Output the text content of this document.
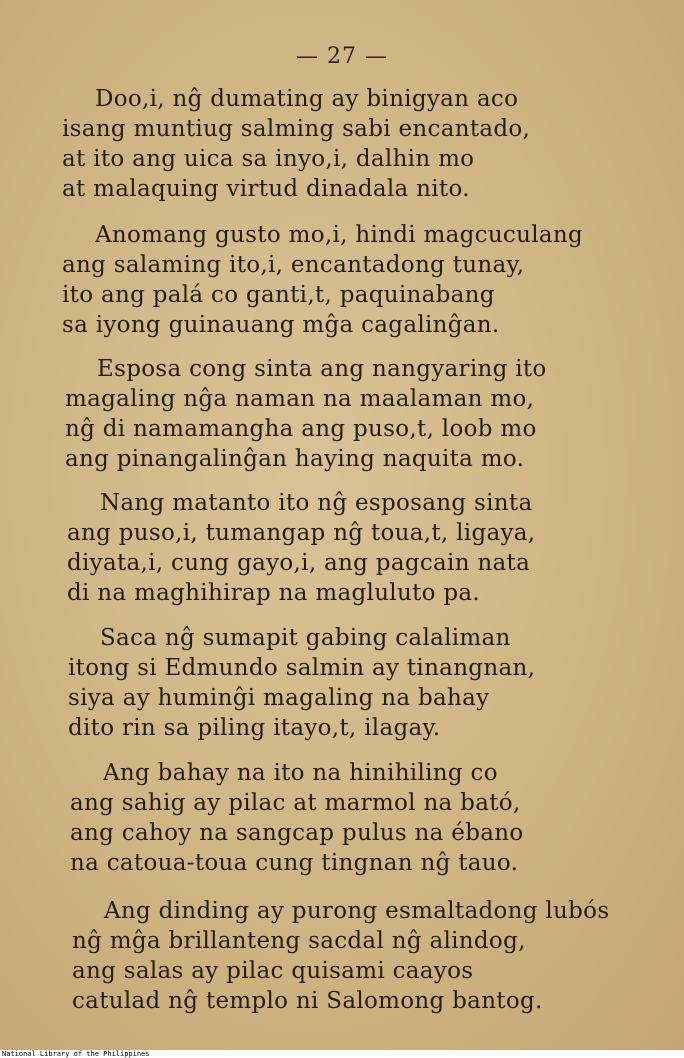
— 27 —
Doo,i, nĝ dumating ay binigyan aco
isang muntiug salming sabi encantado,
at ito ang uica sa inyo,i, dalhin mo
at malaquing virtud dinadala nito.
Anomang gusto mo,i, hindi magcuculang
ang salaming ito,i, encantadong tunay,
ito ang palá co ganti,t, paquinabang
sa iyong guinauang mĝa cagalinĝan.
Esposa cong sinta ang nangyaring ito
magaling nĝa naman na maalaman mo,
nĝ di namamangha ang puso,t, loob mo
ang pinangalinĝan haying naquita mo.
Nang matanto ito nĝ esposang sinta
ang puso,i, tumangap nĝ toua,t, ligaya,
diyata,i, cung gayo,i, ang pagcain nata
di na maghihirap na magluluto pa.
Saca nĝ sumapit gabing calaliman
itong si Edmundo salmin ay tinangnan,
siya ay huminĝi magaling na bahay
dito rin sa piling itayo,t, ilagay.
Ang bahay na ito na hinihiling co
ang sahig ay pilac at marmol na bató,
ang cahoy na sangcap pulus na ébano
na catoua-toua cung tingnan nĝ tauo.
Ang dinding ay purong esmaltadong lubós
nĝ mĝa brillanteng sacdal nĝ alindog,
ang salas ay pilac quisami caayos
catulad nĝ templo ni Salomong bantog.
National Library of the Philippines
